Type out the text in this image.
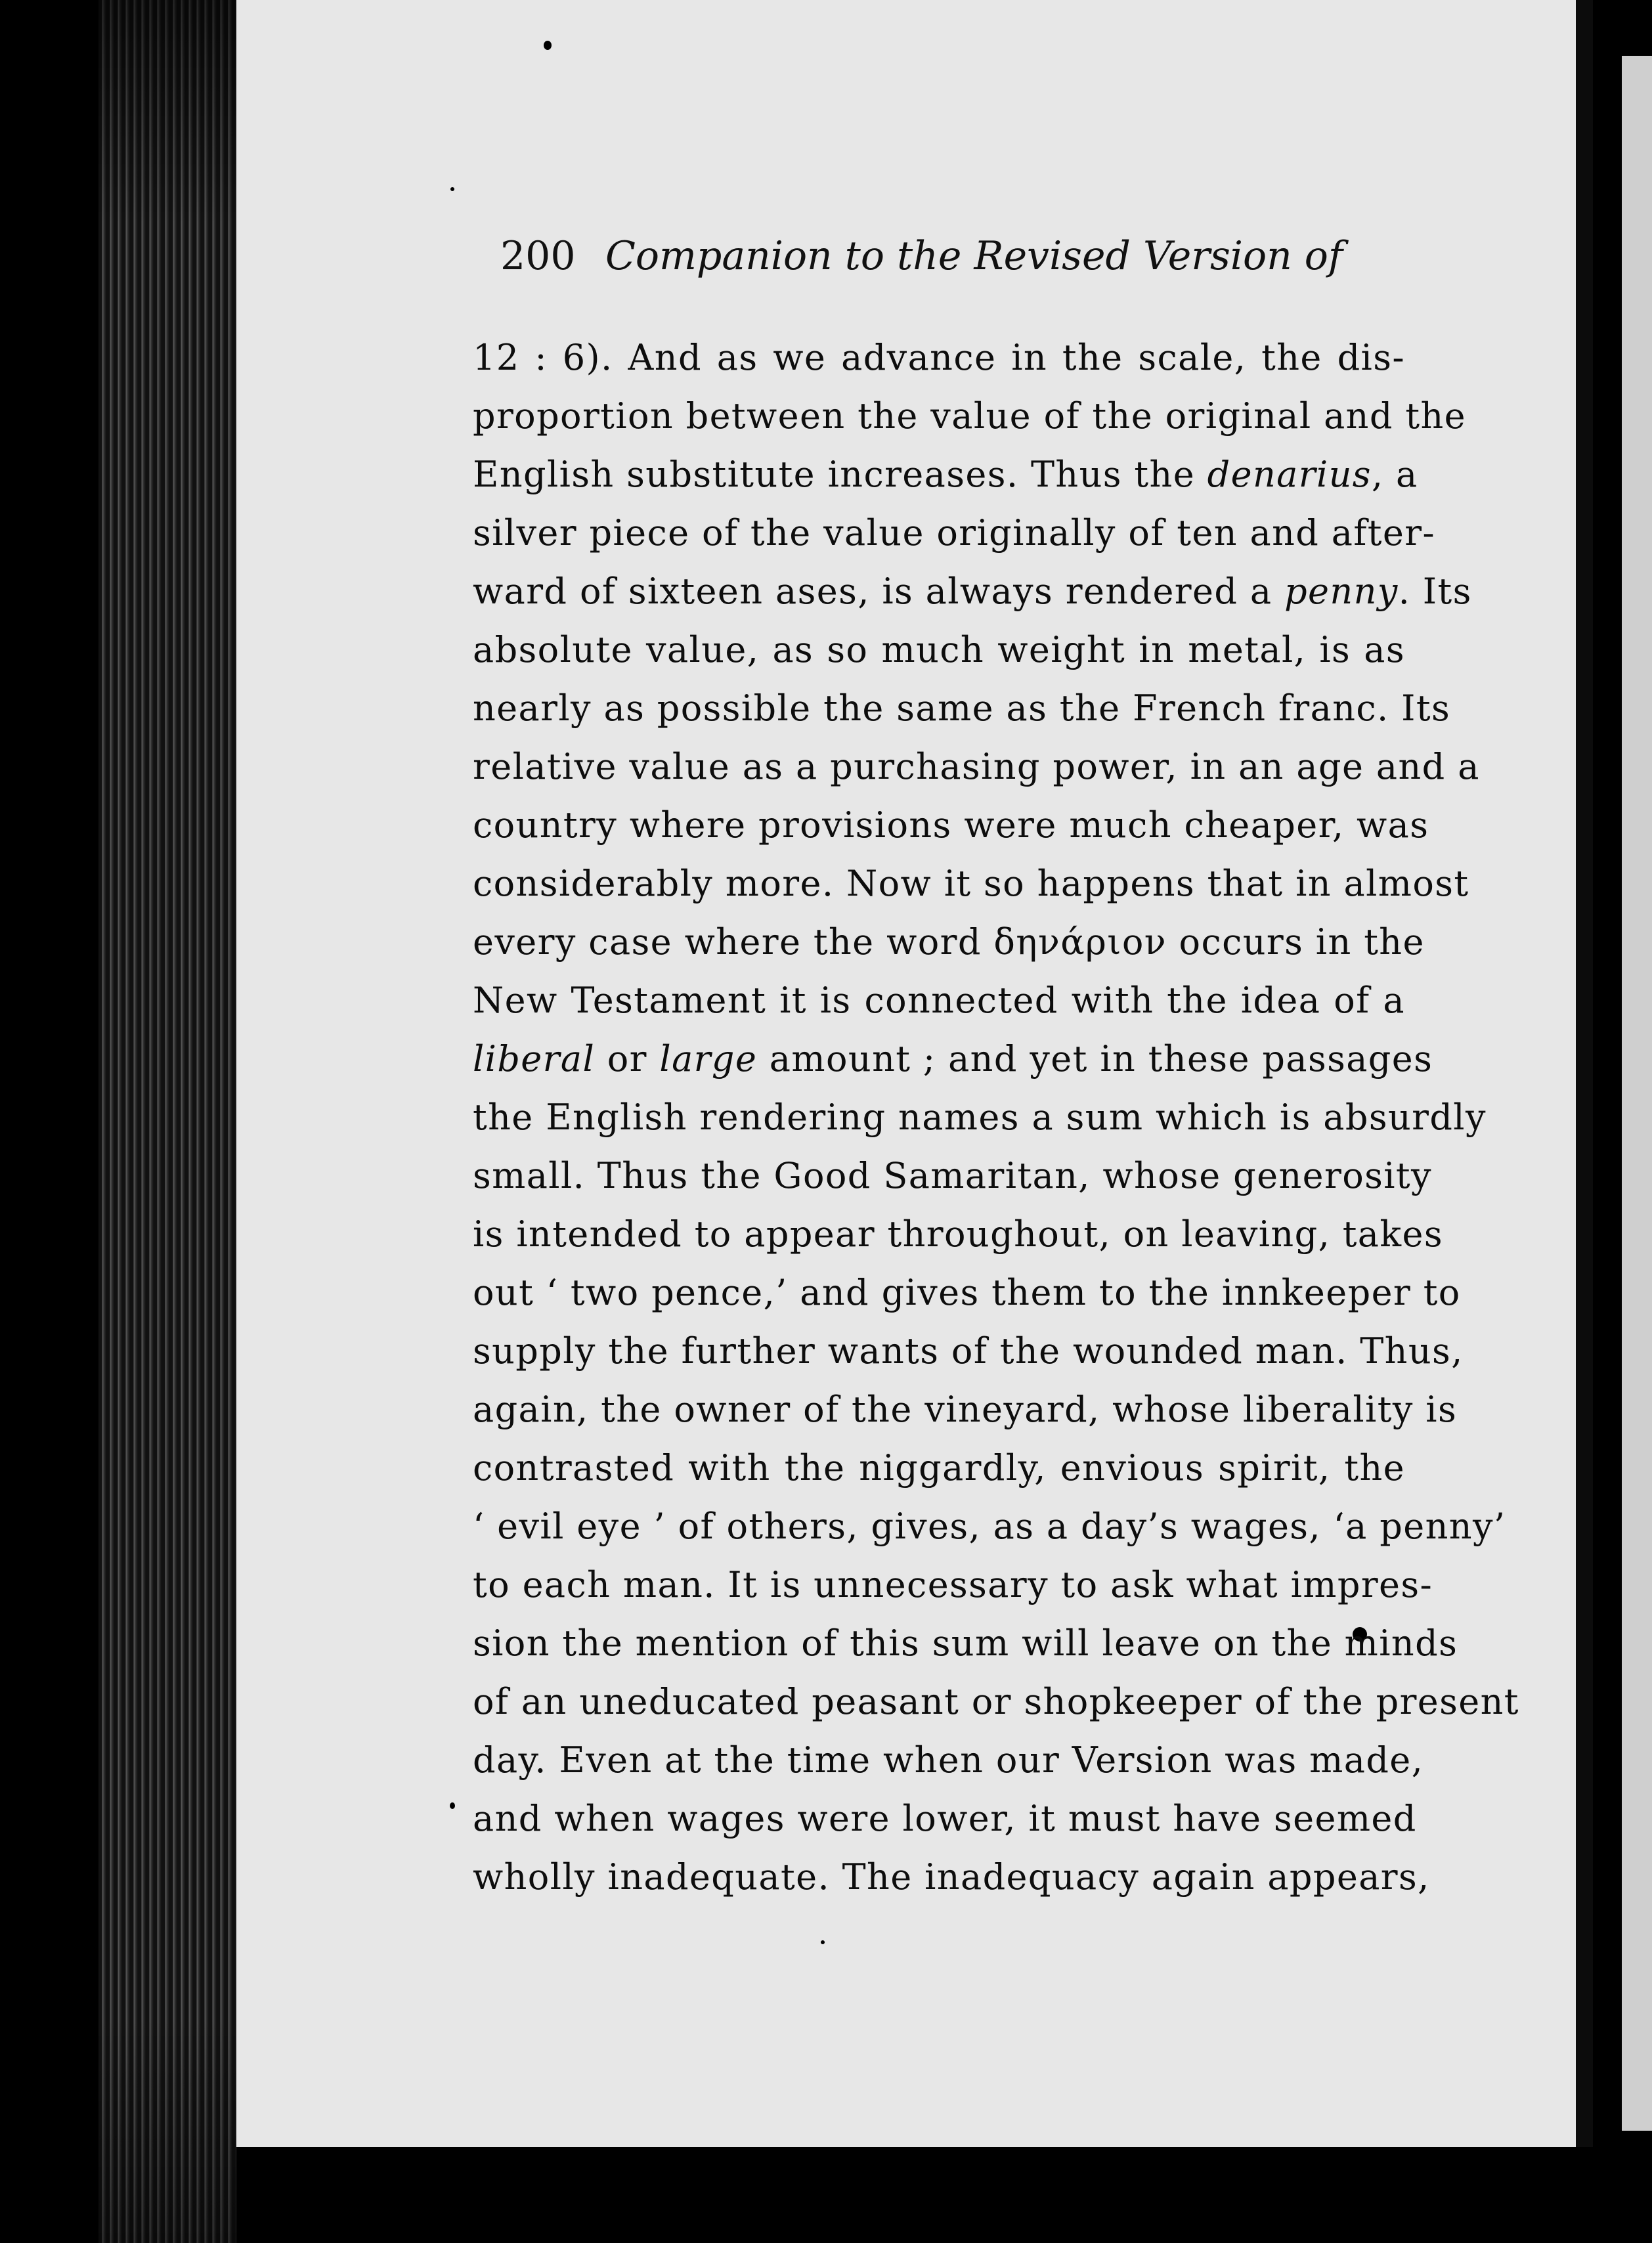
200 Companion to the Revised Version of
12 : 6). And as we advance in the scale, the dis-
proportion between the value of the original and the
English substitute increases. Thus the denarius, a
silver piece of the value originally of ten and after-
ward of sixteen ases, is always rendered a penny. Its
absolute value, as so much weight in metal, is as
nearly as possible the same as the French franc. Its
relative value as a purchasing power, in an age and a
country where provisions were much cheaper, was
considerably more. Now it so happens that in almost
every case where the word δηνάριον occurs in the
New Testament it is connected with the idea of a
liberal or large amount ; and yet in these passages
the English rendering names a sum which is absurdly
small. Thus the Good Samaritan, whose generosity
is intended to appear throughout, on leaving, takes
out ‘ two pence,’ and gives them to the innkeeper to
supply the further wants of the wounded man. Thus,
again, the owner of the vineyard, whose liberality is
contrasted with the niggardly, envious spirit, the
‘ evil eye ’ of others, gives, as a day’s wages, ‘a penny’
to each man. It is unnecessary to ask what impres-
sion the mention of this sum will leave on the minds
of an uneducated peasant or shopkeeper of the present
day. Even at the time when our Version was made,
and when wages were lower, it must have seemed
wholly inadequate. The inadequacy again appears,
